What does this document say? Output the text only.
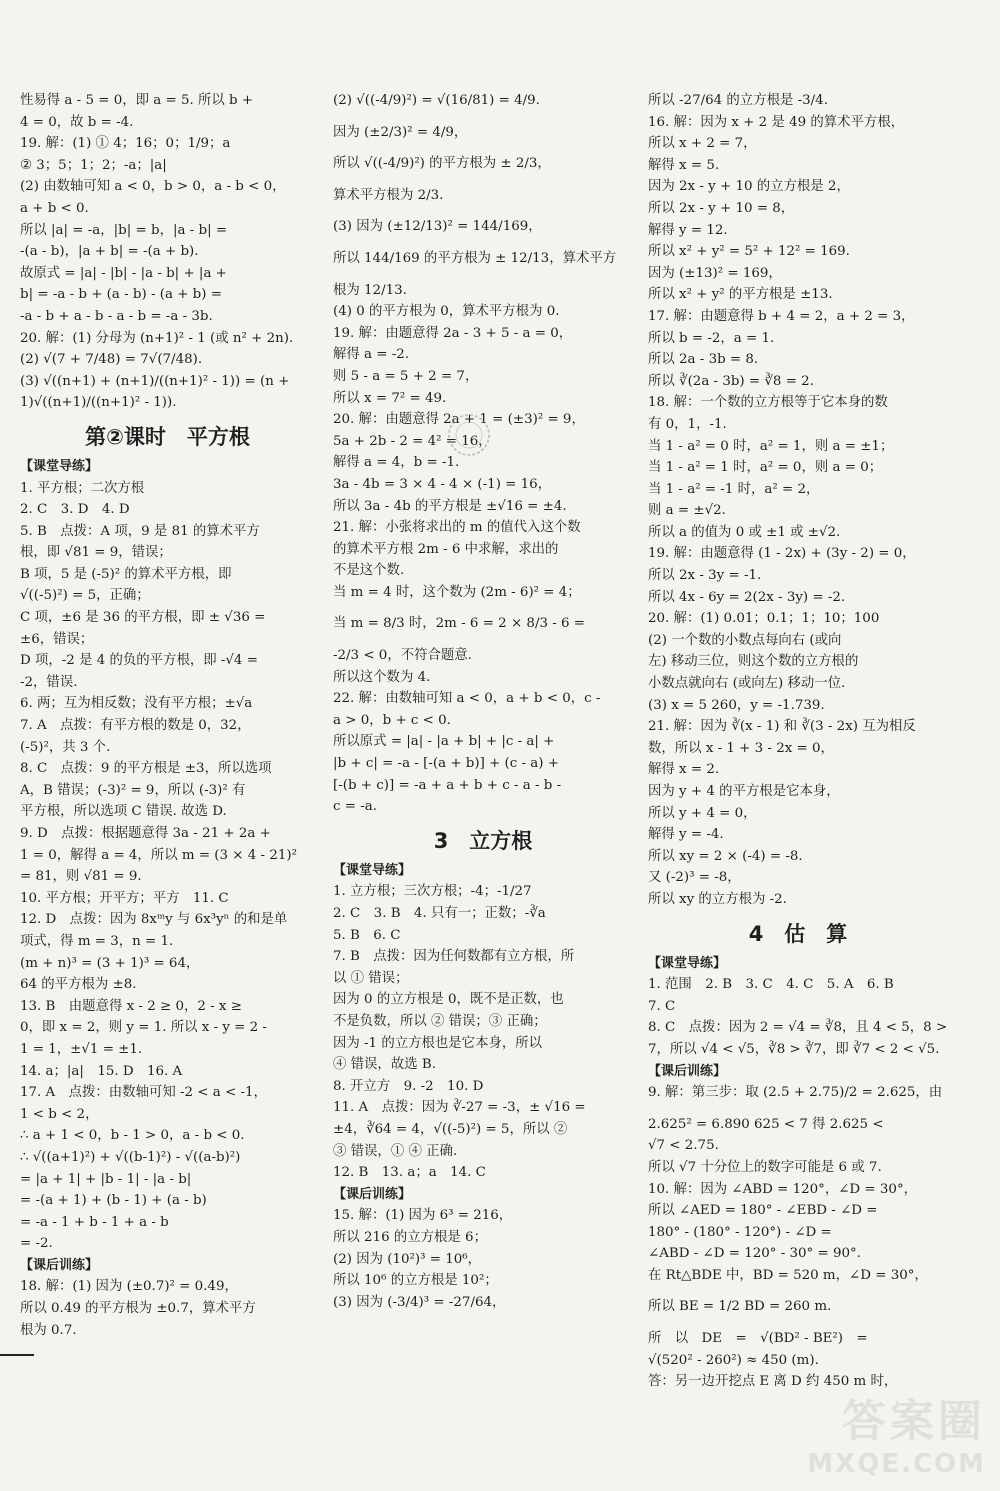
性易得 a - 5 = 0，即 a = 5. 所以 b +
4 = 0，故 b = -4.
19. 解：(1) ① 4；16；0；1/9；a
② 3；5；1；2；-a；|a|
(2) 由数轴可知 a < 0，b > 0，a - b < 0，
a + b < 0.
所以 |a| = -a，|b| = b，|a - b| =
-(a - b)，|a + b| = -(a + b).
故原式 = |a| - |b| - |a - b| + |a +
b| = -a - b + (a - b) - (a + b) =
-a - b + a - b - a - b = -a - 3b.
20. 解：(1) 分母为 (n+1)² - 1 (或 n² + 2n).
(2) √(7 + 7/48) = 7√(7/48).
(3) √((n+1) + (n+1)/((n+1)² - 1)) = (n +
1)√((n+1)/((n+1)² - 1)).
第②课时　平方根
【课堂导练】
1. 平方根；二次方根
2. C　3. D　4. D
5. B　点拨：A 项，9 是 81 的算术平方
根，即 √81 = 9，错误；
B 项，5 是 (-5)² 的算术平方根，即
√((-5)²) = 5，正确；
C 项，±6 是 36 的平方根，即 ± √36 =
±6，错误；
D 项，-2 是 4 的负的平方根，即 -√4 =
-2，错误.
6. 两；互为相反数；没有平方根；±√a
7. A　点拨：有平方根的数是 0，32，
(-5)²，共 3 个.
8. C　点拨：9 的平方根是 ±3，所以选项
A，B 错误；(-3)² = 9，所以 (-3)² 有
平方根，所以选项 C 错误. 故选 D.
9. D　点拨：根据题意得 3a - 21 + 2a +
1 = 0，解得 a = 4，所以 m = (3 × 4 - 21)²
= 81，则 √81 = 9.
10. 平方根；开平方；平方　11. C
12. D　点拨：因为 8xᵐy 与 6x³yⁿ 的和是单
项式，得 m = 3，n = 1.
(m + n)³ = (3 + 1)³ = 64，
64 的平方根为 ±8.
13. B　由题意得 x - 2 ≥ 0，2 - x ≥
0，即 x = 2，则 y = 1. 所以 x - y = 2 -
1 = 1，±√1 = ±1.
14. a；|a|　15. D　16. A
17. A　点拨：由数轴可知 -2 < a < -1，
1 < b < 2，
∴ a + 1 < 0，b - 1 > 0，a - b < 0.
∴ √((a+1)²) + √((b-1)²) - √((a-b)²)
= |a + 1| + |b - 1| - |a - b|
= -(a + 1) + (b - 1) + (a - b)
= -a - 1 + b - 1 + a - b
= -2.
【课后训练】
18. 解：(1) 因为 (±0.7)² = 0.49，
所以 0.49 的平方根为 ±0.7，算术平方
根为 0.7.
(2) √((-4/9)²) = √(16/81) = 4/9.
因为 (±2/3)² = 4/9，
所以 √((-4/9)²) 的平方根为 ± 2/3，
算术平方根为 2/3.
(3) 因为 (±12/13)² = 144/169，
所以 144/169 的平方根为 ± 12/13，算术平方
根为 12/13.
(4) 0 的平方根为 0，算术平方根为 0.
19. 解：由题意得 2a - 3 + 5 - a = 0，
解得 a = -2.
则 5 - a = 5 + 2 = 7，
所以 x = 7² = 49.
20. 解：由题意得 2a + 1 = (±3)² = 9，
5a + 2b - 2 = 4² = 16，
解得 a = 4，b = -1.
3a - 4b = 3 × 4 - 4 × (-1) = 16，
所以 3a - 4b 的平方根是 ±√16 = ±4.
21. 解：小张将求出的 m 的值代入这个数
的算术平方根 2m - 6 中求解，求出的
不是这个数.
当 m = 4 时，这个数为 (2m - 6)² = 4；
当 m = 8/3 时，2m - 6 = 2 × 8/3 - 6 =
-2/3 < 0，不符合题意.
所以这个数为 4.
22. 解：由数轴可知 a < 0，a + b < 0，c -
a > 0，b + c < 0.
所以原式 = |a| - |a + b| + |c - a| +
|b + c| = -a - [-(a + b)] + (c - a) +
[-(b + c)] = -a + a + b + c - a - b -
c = -a.
3　立方根
【课堂导练】
1. 立方根；三次方根；-4；-1/27
2. C　3. B　4. 只有一；正数；-∛a
5. B　6. C
7. B　点拨：因为任何数都有立方根，所
以 ① 错误；
因为 0 的立方根是 0，既不是正数，也
不是负数，所以 ② 错误；③ 正确；
因为 -1 的立方根也是它本身，所以
④ 错误，故选 B.
8. 开立方　9. -2　10. D
11. A　点拨：因为 ∛-27 = -3，± √16 =
±4，∛64 = 4，√((-5)²) = 5，所以 ②
③ 错误，① ④ 正确.
12. B　13. a；a　14. C
【课后训练】
15. 解：(1) 因为 6³ = 216，
所以 216 的立方根是 6；
(2) 因为 (10²)³ = 10⁶，
所以 10⁶ 的立方根是 10²；
(3) 因为 (-3/4)³ = -27/64，
所以 -27/64 的立方根是 -3/4.
16. 解：因为 x + 2 是 49 的算术平方根，
所以 x + 2 = 7，
解得 x = 5.
因为 2x - y + 10 的立方根是 2，
所以 2x - y + 10 = 8，
解得 y = 12.
所以 x² + y² = 5² + 12² = 169.
因为 (±13)² = 169，
所以 x² + y² 的平方根是 ±13.
17. 解：由题意得 b + 4 = 2，a + 2 = 3，
所以 b = -2，a = 1.
所以 2a - 3b = 8.
所以 ∛(2a - 3b) = ∛8 = 2.
18. 解：一个数的立方根等于它本身的数
有 0，1，-1.
当 1 - a² = 0 时，a² = 1，则 a = ±1；
当 1 - a² = 1 时，a² = 0，则 a = 0；
当 1 - a² = -1 时，a² = 2，
则 a = ±√2.
所以 a 的值为 0 或 ±1 或 ±√2.
19. 解：由题意得 (1 - 2x) + (3y - 2) = 0，
所以 2x - 3y = -1.
所以 4x - 6y = 2(2x - 3y) = -2.
20. 解：(1) 0.01；0.1；1；10；100
(2) 一个数的小数点每向右 (或向
左) 移动三位，则这个数的立方根的
小数点就向右 (或向左) 移动一位.
(3) x = 5 260，y = -1.739.
21. 解：因为 ∛(x - 1) 和 ∛(3 - 2x) 互为相反
数，所以 x - 1 + 3 - 2x = 0，
解得 x = 2.
因为 y + 4 的平方根是它本身，
所以 y + 4 = 0，
解得 y = -4.
所以 xy = 2 × (-4) = -8.
又 (-2)³ = -8，
所以 xy 的立方根为 -2.
4　估　算
【课堂导练】
1. 范围　2. B　3. C　4. C　5. A　6. B
7. C
8. C　点拨：因为 2 = √4 = ∛8，且 4 < 5，8 >
7，所以 √4 < √5，∛8 > ∛7，即 ∛7 < 2 < √5.
【课后训练】
9. 解：第三步：取 (2.5 + 2.75)/2 = 2.625，由
2.625² = 6.890 625 < 7 得 2.625 <
√7 < 2.75.
所以 √7 十分位上的数字可能是 6 或 7.
10. 解：因为 ∠ABD = 120°，∠D = 30°，
所以 ∠AED = 180° - ∠EBD - ∠D =
180° - (180° - 120°) - ∠D =
∠ABD - ∠D = 120° - 30° = 90°.
在 Rt△BDE 中，BD = 520 m，∠D = 30°，
所以 BE = 1/2 BD = 260 m.
所　以　DE　=　√(BD² - BE²)　=
√(520² - 260²) ≈ 450 (m).
答：另一边开挖点 E 离 D 约 450 m 时，
答案圈
MXQE.COM
